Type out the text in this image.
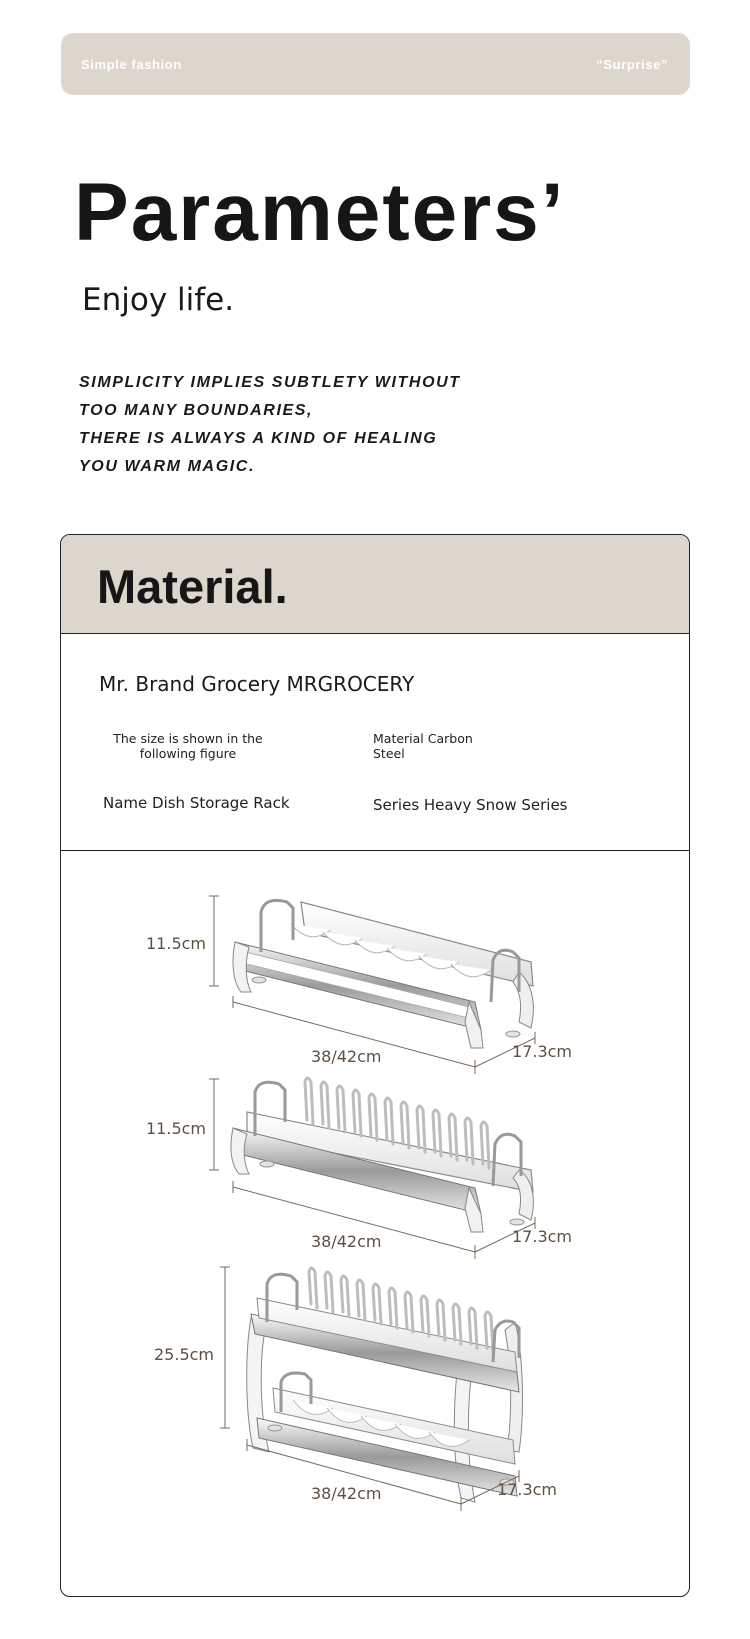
Simple fashion	“Surprise”
Parameters’
Enjoy life.
SIMPLICITY IMPLIES SUBTLETY WITHOUT
TOO MANY BOUNDARIES,
THERE IS ALWAYS A KIND OF HEALING
YOU WARM MAGIC.
Material.
Mr. Brand Grocery MRGROCERY
The size is shown in the following figure
Material Carbon Steel
Name Dish Storage Rack	Series Heavy Snow Series
11.5cm
38/42cm	17.3cm
11.5cm
38/42cm	17.3cm
25.5cm
38/42cm	17.3cm
